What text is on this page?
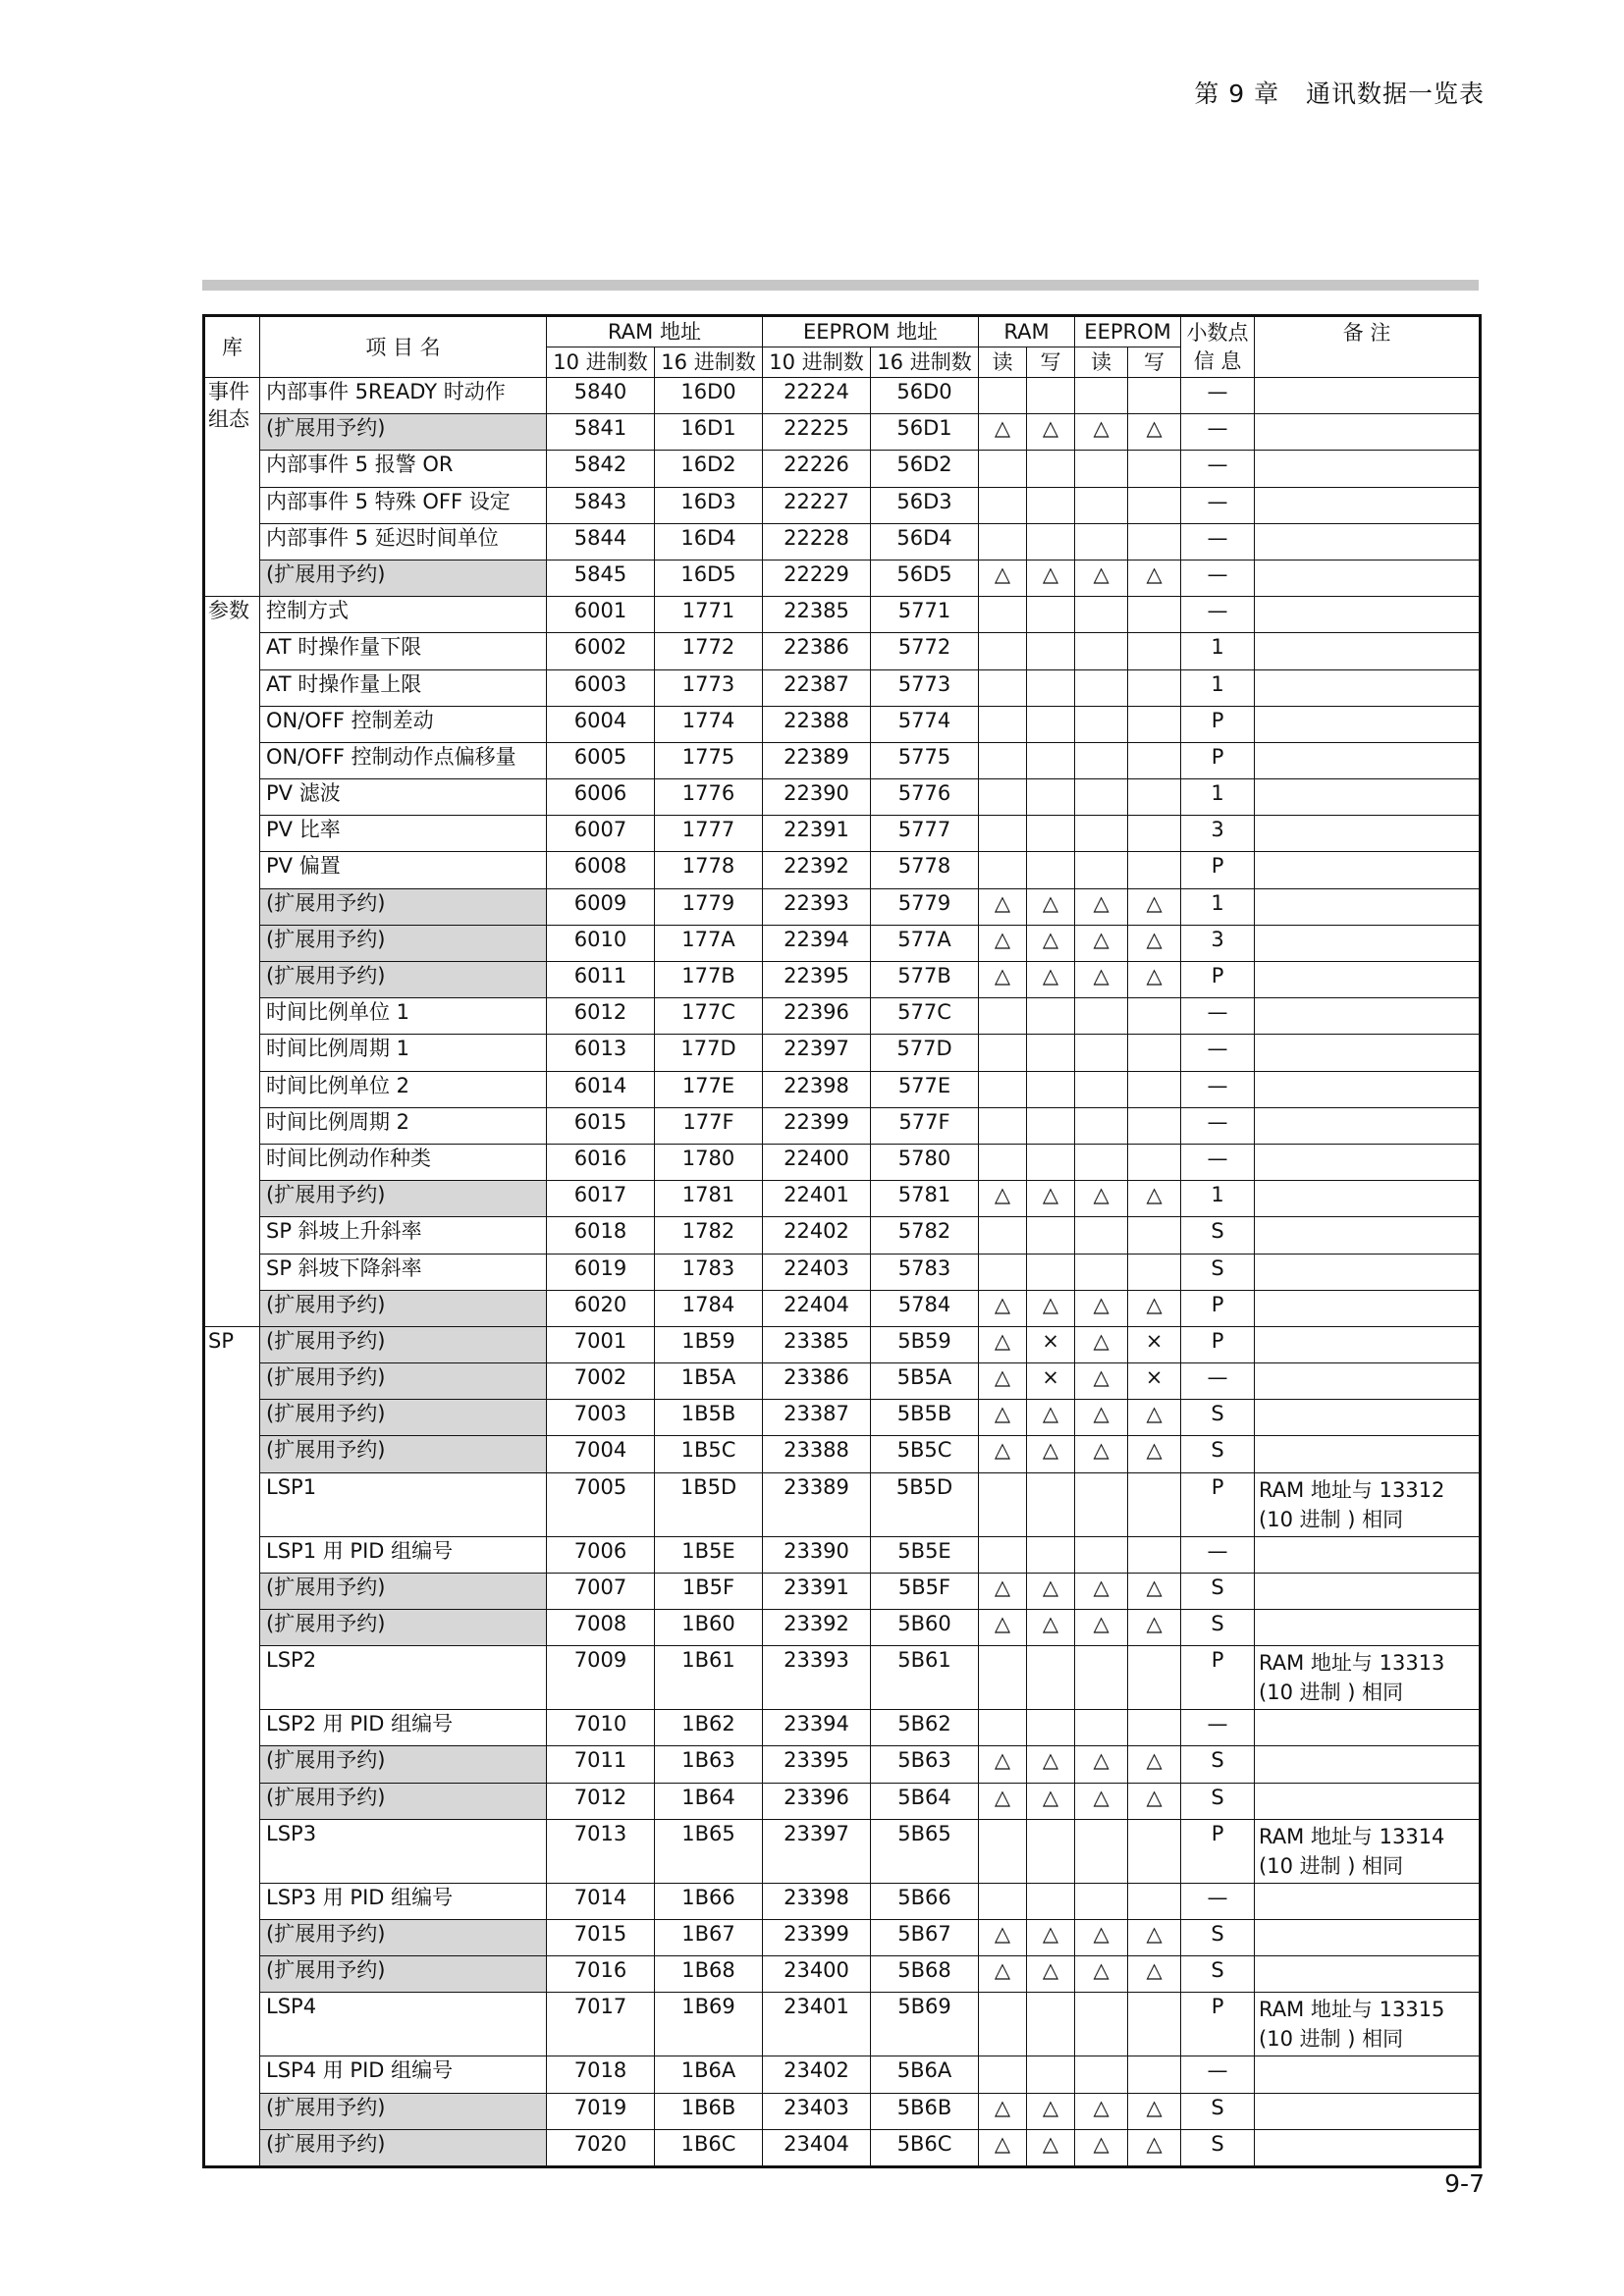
第 9 章 通讯数据一览表
库	项 目 名	RAM 地址		EEPROM 地址		RAM		EEPROM		小数点信 息	备 注
		10 进制数	16 进制数	10 进制数	16 进制数	读	写	读	写		
事件组态	内部事件 5READY 时动作	5840	16D0	22224	56D0					—	
	(扩展用予约)	5841	16D1	22225	56D1	△	△	△	△	—	
	内部事件 5 报警 OR	5842	16D2	22226	56D2					—	
	内部事件 5 特殊 OFF 设定	5843	16D3	22227	56D3					—	
	内部事件 5 延迟时间单位	5844	16D4	22228	56D4					—	
	(扩展用予约)	5845	16D5	22229	56D5	△	△	△	△	—	
参数	控制方式	6001	1771	22385	5771					—	
	AT 时操作量下限	6002	1772	22386	5772					1	
	AT 时操作量上限	6003	1773	22387	5773					1	
	ON/OFF 控制差动	6004	1774	22388	5774					P	
	ON/OFF 控制动作点偏移量	6005	1775	22389	5775					P	
	PV 滤波	6006	1776	22390	5776					1	
	PV 比率	6007	1777	22391	5777					3	
	PV 偏置	6008	1778	22392	5778					P	
	(扩展用予约)	6009	1779	22393	5779	△	△	△	△	1	
	(扩展用予约)	6010	177A	22394	577A	△	△	△	△	3	
	(扩展用予约)	6011	177B	22395	577B	△	△	△	△	P	
	时间比例单位 1	6012	177C	22396	577C					—	
	时间比例周期 1	6013	177D	22397	577D					—	
	时间比例单位 2	6014	177E	22398	577E					—	
	时间比例周期 2	6015	177F	22399	577F					—	
	时间比例动作种类	6016	1780	22400	5780					—	
	(扩展用予约)	6017	1781	22401	5781	△	△	△	△	1	
	SP 斜坡上升斜率	6018	1782	22402	5782					S	
	SP 斜坡下降斜率	6019	1783	22403	5783					S	
	(扩展用予约)	6020	1784	22404	5784	△	△	△	△	P	
SP	(扩展用予约)	7001	1B59	23385	5B59	△	×	△	×	P	
	(扩展用予约)	7002	1B5A	23386	5B5A	△	×	△	×	—	
	(扩展用予约)	7003	1B5B	23387	5B5B	△	△	△	△	S	
	(扩展用予约)	7004	1B5C	23388	5B5C	△	△	△	△	S	
	LSP1	7005	1B5D	23389	5B5D					P	RAM 地址与 13312 (10 进制 ) 相同
	LSP1 用 PID 组编号	7006	1B5E	23390	5B5E					—	
	(扩展用予约)	7007	1B5F	23391	5B5F	△	△	△	△	S	
	(扩展用予约)	7008	1B60	23392	5B60	△	△	△	△	S	
	LSP2	7009	1B61	23393	5B61					P	RAM 地址与 13313 (10 进制 ) 相同
	LSP2 用 PID 组编号	7010	1B62	23394	5B62					—	
	(扩展用予约)	7011	1B63	23395	5B63	△	△	△	△	S	
	(扩展用予约)	7012	1B64	23396	5B64	△	△	△	△	S	
	LSP3	7013	1B65	23397	5B65					P	RAM 地址与 13314 (10 进制 ) 相同
	LSP3 用 PID 组编号	7014	1B66	23398	5B66					—	
	(扩展用予约)	7015	1B67	23399	5B67	△	△	△	△	S	
	(扩展用予约)	7016	1B68	23400	5B68	△	△	△	△	S	
	LSP4	7017	1B69	23401	5B69					P	RAM 地址与 13315 (10 进制 ) 相同
	LSP4 用 PID 组编号	7018	1B6A	23402	5B6A					—	
	(扩展用予约)	7019	1B6B	23403	5B6B	△	△	△	△	S	
	(扩展用予约)	7020	1B6C	23404	5B6C	△	△	△	△	S	
9-7
